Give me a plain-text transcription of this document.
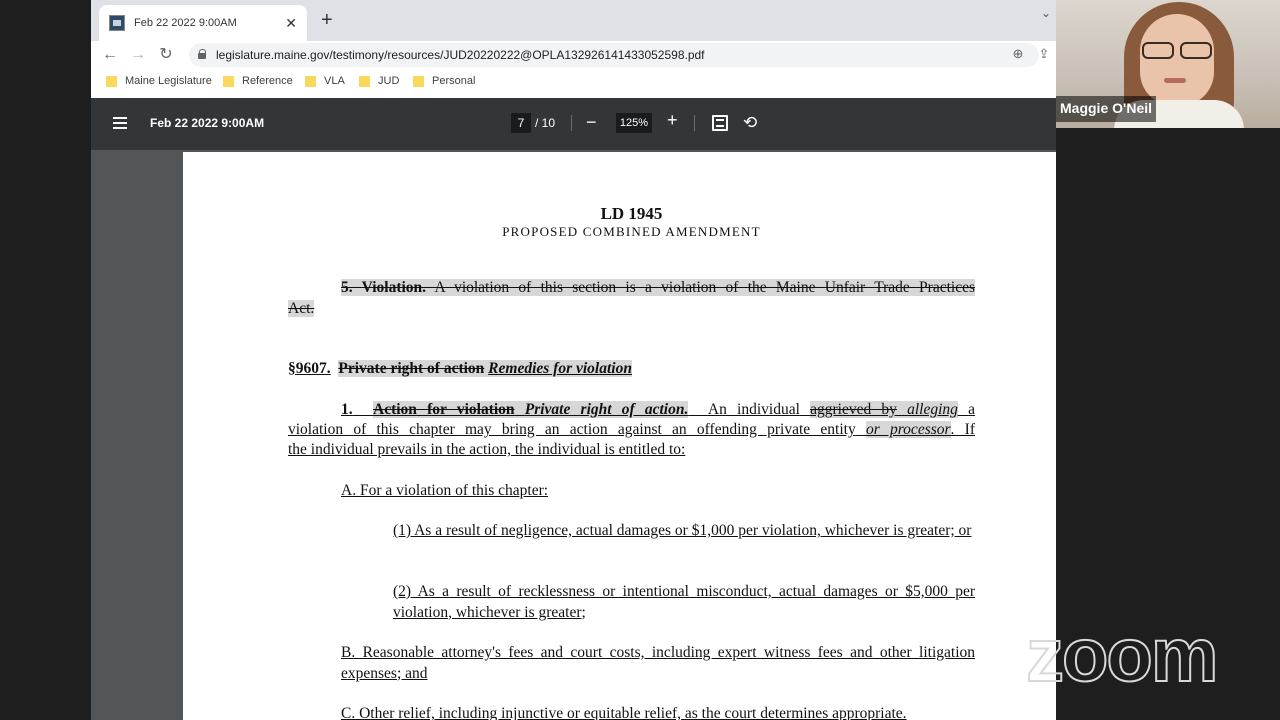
Feb 22 2022 9:00AM	✕ +	⌄
← → ↻	legislature.maine.gov/testimony/resources/JUD20220222@OPLA132926141433052598.pdf	⊕ ⇪
Maine Legislature	Reference	VLA	JUD	Personal
Feb 22 2022 9:00AM	7 / 10 −	125% +	⟲
LD 1945
PROPOSED COMBINED AMENDMENT
5. Violation. A violation of this section is a violation of the Maine Unfair Trade Practices
Act.
§9607. Private right of action Remedies for violation
1. Action for violation Private right of action. An individual aggrieved by alleging a
violation of this chapter may bring an action against an offending private entity or processor. If
the individual prevails in the action, the individual is entitled to:
A. For a violation of this chapter:
(1) As a result of negligence, actual damages or $1,000 per violation, whichever is greater; or
(2) As a result of recklessness or intentional misconduct, actual damages or $5,000 per violation, whichever is greater;
B. Reasonable attorney's fees and court costs, including expert witness fees and other litigation expenses; and
C. Other relief, including injunctive or equitable relief, as the court determines appropriate.
Maggie O'Neil
zoom
